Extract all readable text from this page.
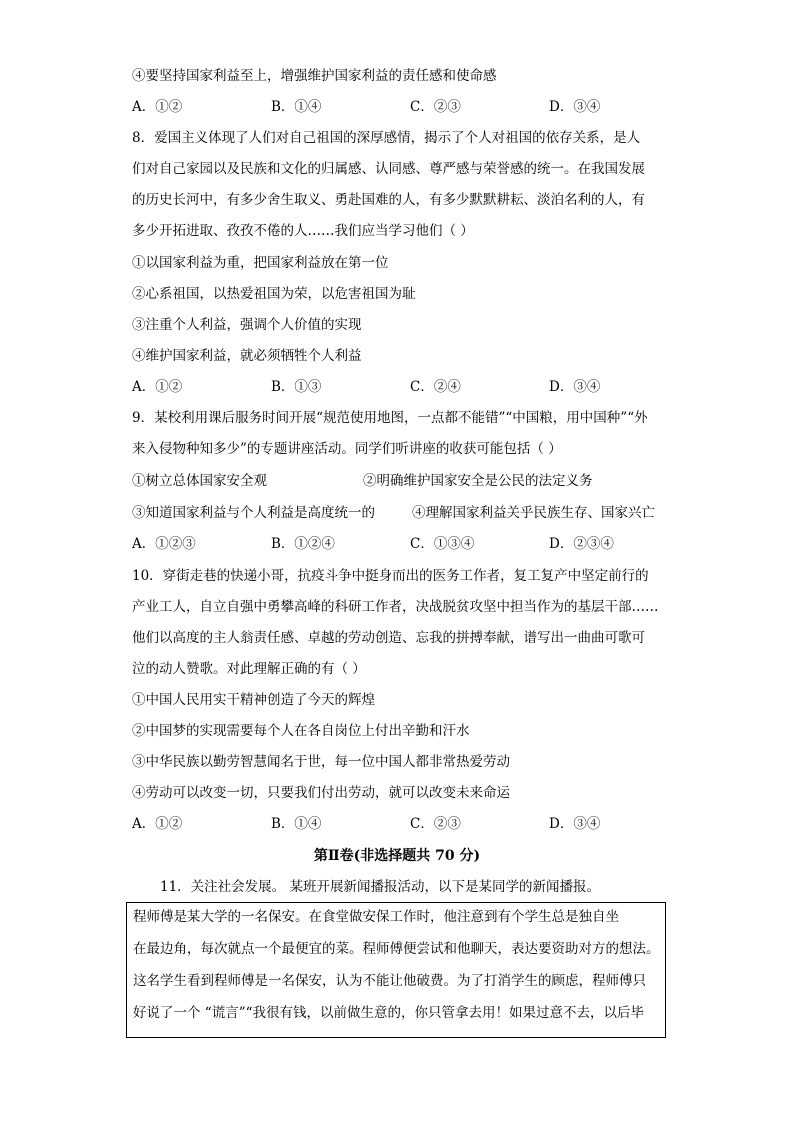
④要坚持国家利益至上，增强维护国家利益的责任感和使命感
A．①②	B．①④	C．②③	D．③④
8．爱国主义体现了人们对自己祖国的深厚感情，揭示了个人对祖国的依存关系，是人
们对自己家园以及民族和文化的归属感、认同感、尊严感与荣誉感的统一。在我国发展
的历史长河中，有多少舍生取义、勇赴国难的人，有多少默默耕耘、淡泊名利的人，有
多少开拓进取、孜孜不倦的人……我们应当学习他们（ ）
①以国家利益为重，把国家利益放在第一位
②心系祖国，以热爱祖国为荣，以危害祖国为耻
③注重个人利益，强调个人价值的实现
④维护国家利益，就必须牺牲个人利益
A．①②	B．①③	C．②④	D．③④
9．某校利用课后服务时间开展“规范使用地图，一点都不能错”“中国粮，用中国种”“外
来入侵物种知多少”的专题讲座活动。同学们听讲座的收获可能包括（ ）
①树立总体国家安全观	②明确维护国家安全是公民的法定义务
③知道国家利益与个人利益是高度统一的	④理解国家利益关乎民族生存、国家兴亡
A．①②③	B．①②④	C．①③④	D．②③④
10．穿街走巷的快递小哥，抗疫斗争中挺身而出的医务工作者，复工复产中坚定前行的
产业工人，自立自强中勇攀高峰的科研工作者，决战脱贫攻坚中担当作为的基层干部……
他们以高度的主人翁责任感、卓越的劳动创造、忘我的拼搏奉献，谱写出一曲曲可歌可
泣的动人赞歌。对此理解正确的有（ ）
①中国人民用实干精神创造了今天的辉煌
②中国梦的实现需要每个人在各自岗位上付出辛勤和汗水
③中华民族以勤劳智慧闻名于世，每一位中国人都非常热爱劳动
④劳动可以改变一切，只要我们付出劳动，就可以改变未来命运
A．①②	B．①④	C．②③	D．③④
第Ⅱ卷(非选择题共 70 分)
11．关注社会发展。 某班开展新闻播报活动，以下是某同学的新闻播报。
程师傅是某大学的一名保安。在食堂做安保工作时，他注意到有个学生总是独自坐
在最边角，每次就点一个最便宜的菜。程师傅便尝试和他聊天，表达要资助对方的想法。
这名学生看到程师傅是一名保安，认为不能让他破费。为了打消学生的顾虑，程师傅只
好说了一个 “谎言”“我很有钱，以前做生意的，你只管拿去用！如果过意不去，以后毕
